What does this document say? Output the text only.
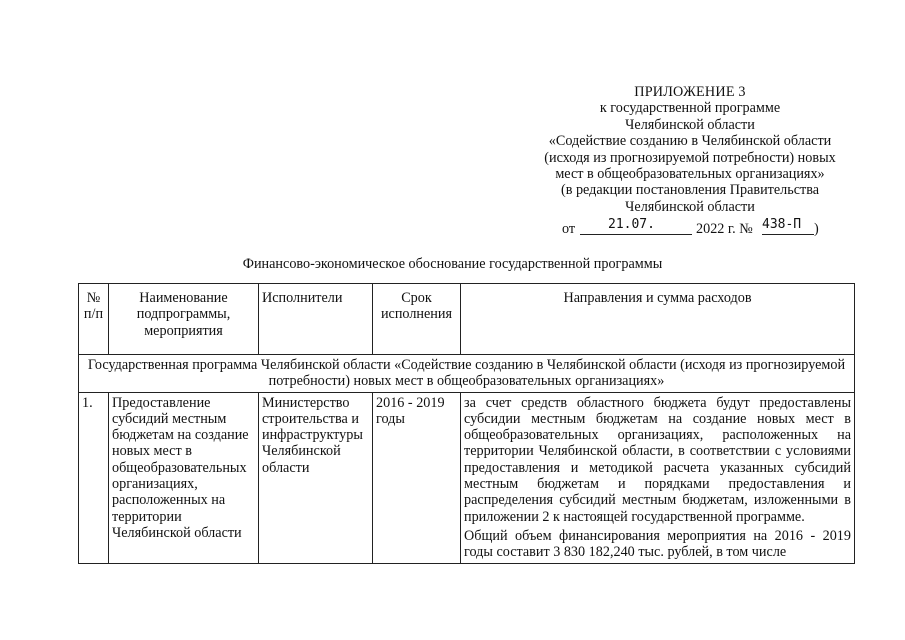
ПРИЛОЖЕНИЕ 3
к государственной программе
Челябинской области
«Содействие созданию в Челябинской области
(исходя из прогнозируемой потребности) новых
мест в общеобразовательных организациях»
(в редакции постановления Правительства
Челябинской области
от	21.07.	2022 г. № 438-П )
Финансово-экономическое обоснование государственной программы
№ п/п	Наименование подпрограммы, мероприятия	Исполнители	Срок исполнения	Направления и сумма расходов
Государственная программа Челябинской области «Содействие созданию в Челябинской области (исходя из прогнозируемой потребности) новых мест в общеобразовательных организациях»				
1.	Предоставление субсидий местным бюджетам на создание новых мест в общеобразовательных организациях, расположенных на территории Челябинской области	Министерство строительства и инфраструктуры Челябинской области	2016 - 2019 годы	за счет средств областного бюджета будут предоставлены субсидии местным бюджетам на создание новых мест в общеобразовательных организациях, расположенных на территории Челябинской области, в соответствии с условиями предоставления и методикой расчета указанных субсидий местным бюджетам и порядками предоставления и распределения субсидий местным бюджетам, изложенными в приложении 2 к настоящей государственной программе.

Общий объем финансирования мероприятия на 2016 - 2019 годы составит 3 830 182,240 тыс. рублей, в том числе
